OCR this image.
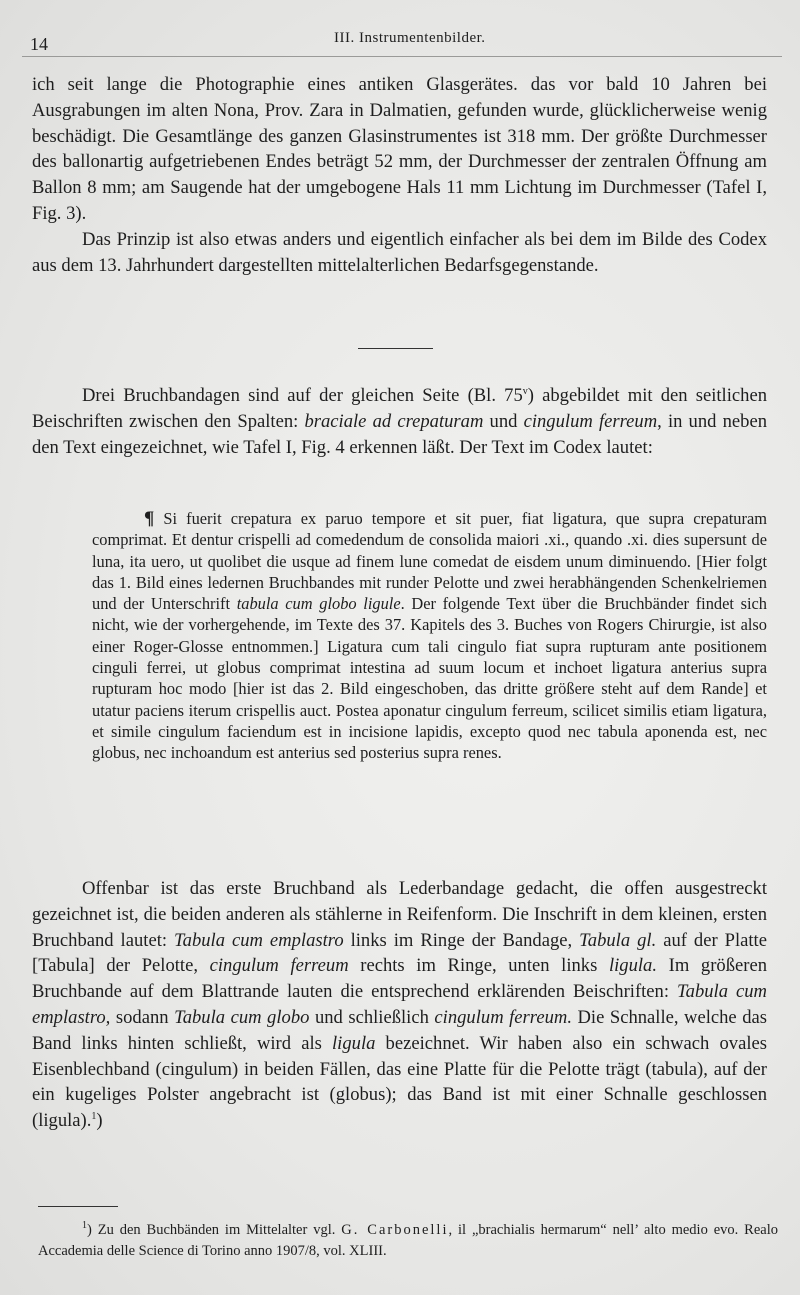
14	III. Instrumentenbilder.

ich seit lange die Photographie eines antiken Glasgerätes. das vor bald 10 Jahren bei Ausgrabungen im alten Nona, Prov. Zara in Dalmatien, gefunden wurde, glücklicherweise wenig beschädigt. Die Gesamtlänge des ganzen Glasinstrumentes ist 318 mm. Der größte Durchmesser des ballonartig aufgetriebenen Endes beträgt 52 mm, der Durchmesser der zentralen Öffnung am Ballon 8 mm; am Saugende hat der umgebogene Hals 11 mm Lichtung im Durchmesser (Tafel I, Fig. 3).

Das Prinzip ist also etwas anders und eigentlich einfacher als bei dem im Bilde des Codex aus dem 13. Jahrhundert dargestellten mittelalterlichen Bedarfsgegenstande.

Drei Bruchbandagen sind auf der gleichen Seite (Bl. 75$^v$) abgebildet mit den seitlichen Beischriften zwischen den Spalten: braciale ad crepaturam und cingulum ferreum, in und neben den Text eingezeichnet, wie Tafel I, Fig. 4 erkennen läßt. Der Text im Codex lautet:

¶ Si fuerit crepatura ex paruo tempore et sit puer, fiat ligatura, que supra crepaturam comprimat. Et dentur crispelli ad comedendum de consolida maiori .xi., quando .xi. dies supersunt de luna, ita uero, ut quolibet die usque ad finem lune comedat de eisdem unum diminuendo. [Hier folgt das 1. Bild eines ledernen Bruchbandes mit runder Pelotte und zwei herabhängenden Schenkelriemen und der Unterschrift tabula cum globo ligule. Der folgende Text über die Bruchbänder findet sich nicht, wie der vorhergehende, im Texte des 37. Kapitels des 3. Buches von Rogers Chirurgie, ist also einer Roger-Glosse entnommen.] Ligatura cum tali cingulo fiat supra rupturam ante positionem cinguli ferrei, ut globus comprimat intestina ad suum locum et inchoet ligatura anterius supra rupturam hoc modo [hier ist das 2. Bild eingeschoben, das dritte größere steht auf dem Rande] et utatur paciens iterum crispellis auct. Postea aponatur cingulum ferreum, scilicet similis etiam ligatura, et simile cingulum faciendum est in incisione lapidis, excepto quod nec tabula aponenda est, nec globus, nec inchoandum est anterius sed posterius supra renes.

Offenbar ist das erste Bruchband als Lederbandage gedacht, die offen ausgestreckt gezeichnet ist, die beiden anderen als stählerne in Reifenform. Die Inschrift in dem kleinen, ersten Bruchband lautet: Tabula cum emplastro links im Ringe der Bandage, Tabula gl. auf der Platte [Tabula] der Pelotte, cingulum ferreum rechts im Ringe, unten links ligula. Im größeren Bruchbande auf dem Blattrande lauten die entsprechend erklärenden Beischriften: Tabula cum emplastro, sodann Tabula cum globo und schließlich cingulum ferreum. Die Schnalle, welche das Band links hinten schließt, wird als ligula bezeichnet. Wir haben also ein schwach ovales Eisenblechband (cingulum) in beiden Fällen, das eine Platte für die Pelotte trägt (tabula), auf der ein kugeliges Polster angebracht ist (globus); das Band ist mit einer Schnalle geschlossen (ligula).$^1$)

$^1$) Zu den Buchbänden im Mittelalter vgl. G. Carbonelli, il „brachialis hermarum“ nell’ alto medio evo. Realo Accademia delle Science di Torino anno 1907/8, vol. XLIII.
